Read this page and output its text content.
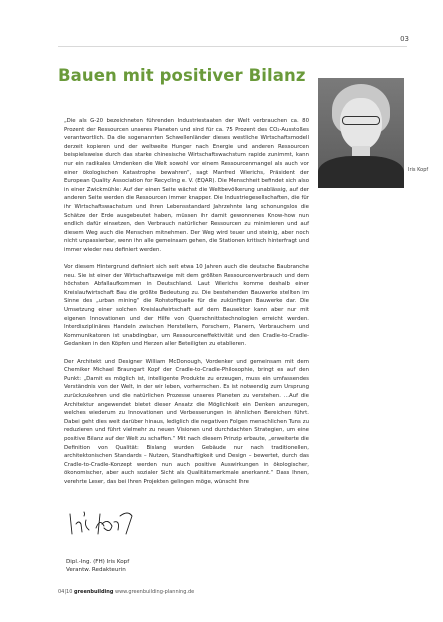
03
Bauen mit positiver Bilanz
Iris Kopf

„Die als G-20 bezeichneten führenden Industriestaaten der Welt verbrauchen ca. 80 Prozent der Ressourcen unseres Planeten und sind für ca. 75 Prozent des CO₂-Ausstoßes verantwortlich. Da die sogenannten Schwellenländer dieses westliche Wirtschaftsmodell derzeit kopieren und der weltweite Hunger nach Energie und anderen Ressourcen beispielsweise durch das starke chinesische Wirtschaftswachstum rapide zunimmt, kann nur ein radikales Umdenken die Welt sowohl vor einem Ressourcenmangel als auch vor einer ökologischen Katastrophe bewahren“, sagt Manfred Wierichs, Präsident der European Quality Association for Recycling e. V. (EQAR). Die Menschheit befindet sich also in einer Zwickmühle: Auf der einen Seite wächst die Weltbevölkerung unablässig, auf der anderen Seite werden die Ressourcen immer knapper. Die Industriegesellschaften, die für ihr Wirtschaftswachstum und ihren Lebensstandard Jahrzehnte lang schonungslos die Schätze der Erde ausgebeutet haben, müssen ihr damit gewonnenes Know-how nun endlich dafür einsetzen, den Verbrauch natürlicher Ressourcen zu minimieren und auf diesem Weg auch die Menschen mitnehmen. Der Weg wird teuer und steinig, aber noch nicht unpassierbar, wenn ihn alle gemeinsam gehen, die Stationen kritisch hinterfragt und immer wieder neu definiert werden.

Vor diesem Hintergrund definiert sich seit etwa 10 Jahren auch die deutsche Baubranche neu. Sie ist einer der Wirtschaftszweige mit dem größten Ressourcenverbrauch und dem höchsten Abfallaufkommen in Deutschland. Laut Wierichs komme deshalb einer Kreislaufwirtschaft Bau die größte Bedeutung zu. Die bestehenden Bauwerke stellten im Sinne des „urban mining“ die Rohstoffquelle für die zukünftigen Bauwerke dar. Die Umsetzung einer solchen Kreislaufwirtschaft auf dem Bausektor kann aber nur mit eigenen Innovationen und der Hilfe von Querschnittstechnologien erreicht werden. Interdisziplinäres Handeln zwischen Herstellern, Forschern, Planern, Verbrauchern und Kommunikatoren ist unabdingbar, um Ressourceneffektivität und den Cradle-to-Cradle-Gedanken in den Köpfen und Herzen aller Beteiligten zu etablieren.

Der Architekt und Designer William McDonough, Vordenker und gemeinsam mit dem Chemiker Michael Braungart Kopf der Cradle-to-Cradle-Philosophie, bringt es auf den Punkt: „Damit es möglich ist, intelligente Produkte zu erzeugen, muss ein umfassendes Verständnis von der Welt, in der wir leben, vorherrschen. Es ist notwendig zum Ursprung zurückzukehren und die natürlichen Prozesse unseres Planeten zu verstehen. …Auf die Architektur angewendet bietet dieser Ansatz die Möglichkeit ein Denken anzuregen, welches wiederum zu Innovationen und Verbesserungen in ähnlichen Bereichen führt. Dabei geht dies weit darüber hinaus, lediglich die negativen Folgen menschlichen Tuns zu reduzieren und führt vielmehr zu neuen Visionen und durchdachten Strategien, um eine positive Bilanz auf der Welt zu schaffen.“ Mit nach diesem Prinzip erbaute, „erweiterte die Definition von Qualität: Bislang wurden Gebäude nur nach traditionellen, architektonischen Standards – Nutzen, Standhaftigkeit und Design – bewertet, durch das Cradle-to-Cradle-Konzept werden nun auch positive Auswirkungen in ökologischer, ökonomischer, aber auch sozialer Sicht als Qualitätsmerkmale anerkannt.“ Dass Ihnen, verehrte Leser, das bei Ihren Projekten gelingen möge, wünscht Ihre

Dipl.-Ing. (FH) Iris Kopf
Verantw. Redakteurin
04|10 greenbuilding www.greenbuilding-planning.de
